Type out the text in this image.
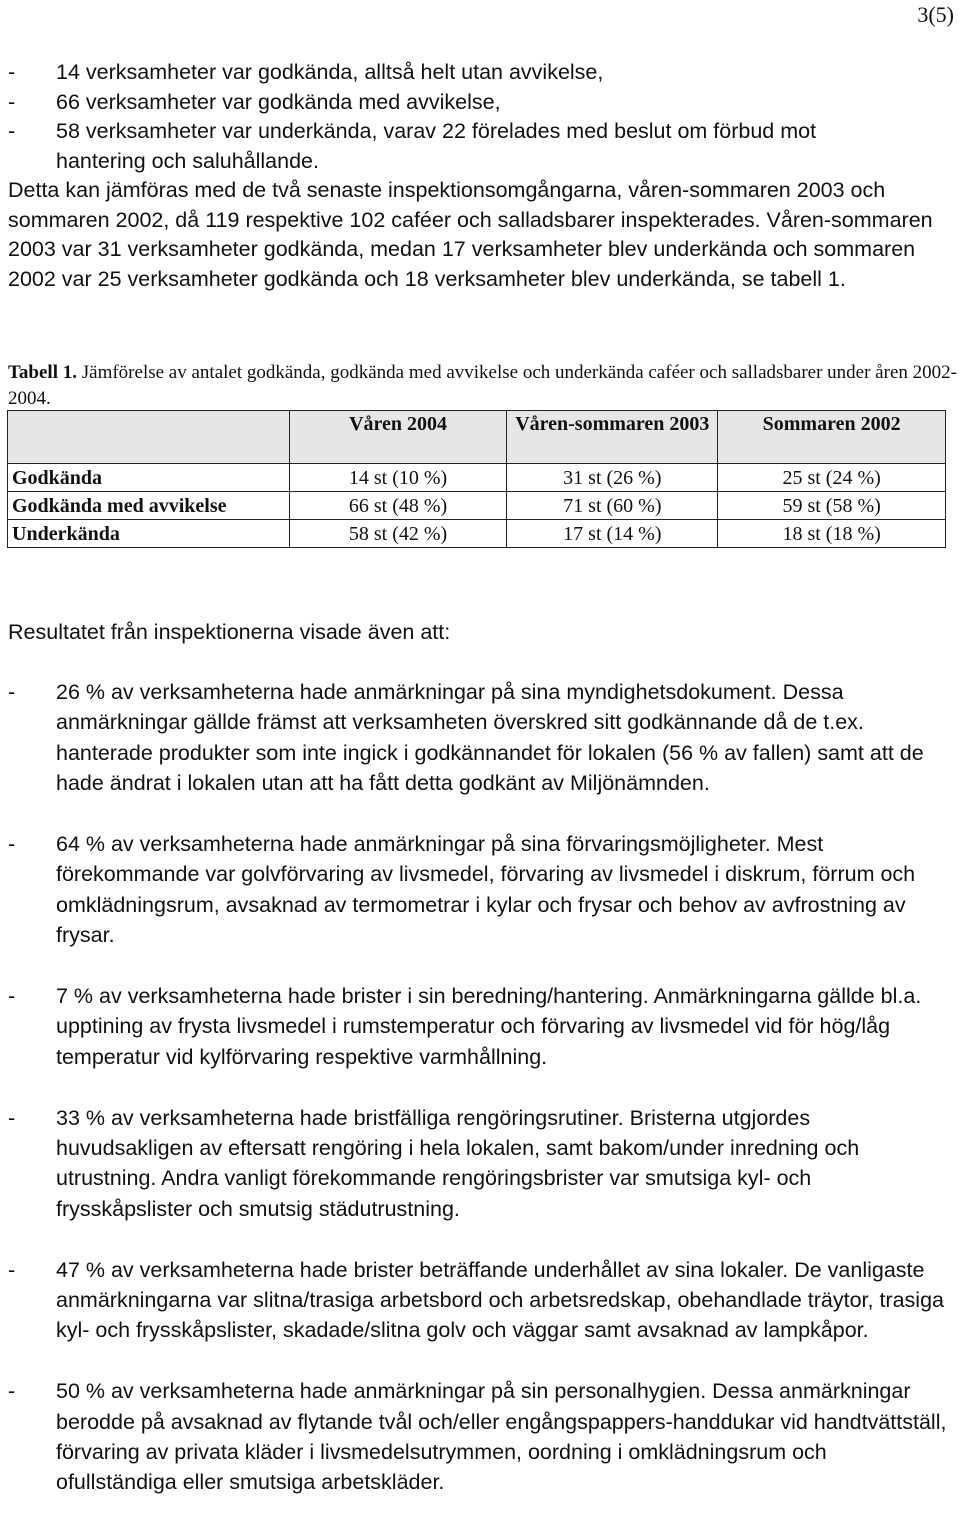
3(5)
-	14 verksamheter var godkända, alltså helt utan avvikelse,
-	66 verksamheter var godkända med avvikelse,
-	58 verksamheter var underkända, varav 22 förelades med beslut om förbud mot hantering och saluhållande.
Detta kan jämföras med de två senaste inspektionsomgångarna, våren-sommaren 2003 och sommaren 2002, då 119 respektive 102 caféer och salladsbarer inspekterades. Våren-sommaren 2003 var 31 verksamheter godkända, medan 17 verksamheter blev underkända och sommaren 2002 var 25 verksamheter godkända och 18 verksamheter blev underkända, se tabell 1.
Tabell 1. Jämförelse av antalet godkända, godkända med avvikelse och underkända caféer och salladsbarer under åren 2002-2004.
	Våren 2004	Våren-sommaren 2003	Sommaren 2002
Godkända	14 st (10 %)	31 st (26 %)	25 st (24 %)
Godkända med avvikelse	66 st (48 %)	71 st (60 %)	59 st (58 %)
Underkända	58 st (42 %)	17 st (14 %)	18 st (18 %)
Resultatet från inspektionerna visade även att:
-	26 % av verksamheterna hade anmärkningar på sina myndighetsdokument. Dessa anmärkningar gällde främst att verksamheten överskred sitt godkännande då de t.ex. hanterade produkter som inte ingick i godkännandet för lokalen (56 % av fallen) samt att de hade ändrat i lokalen utan att ha fått detta godkänt av Miljönämnden.
-	64 % av verksamheterna hade anmärkningar på sina förvaringsmöjligheter. Mest förekommande var golvförvaring av livsmedel, förvaring av livsmedel i diskrum, förrum och omklädningsrum, avsaknad av termometrar i kylar och frysar och behov av avfrostning av frysar.
-	7 % av verksamheterna hade brister i sin beredning/hantering. Anmärkningarna gällde bl.a. upptining av frysta livsmedel i rumstemperatur och förvaring av livsmedel vid för hög/låg temperatur vid kylförvaring respektive varmhållning.
-	33 % av verksamheterna hade bristfälliga rengöringsrutiner. Bristerna utgjordes huvudsakligen av eftersatt rengöring i hela lokalen, samt bakom/under inredning och utrustning. Andra vanligt förekommande rengöringsbrister var smutsiga kyl- och frysskåpslister och smutsig städutrustning.
-	47 % av verksamheterna hade brister beträffande underhållet av sina lokaler. De vanligaste anmärkningarna var slitna/trasiga arbetsbord och arbetsredskap, obehandlade träytor, trasiga kyl- och frysskåpslister, skadade/slitna golv och väggar samt avsaknad av lampkåpor.
-	50 % av verksamheterna hade anmärkningar på sin personalhygien. Dessa anmärkningar berodde på avsaknad av flytande tvål och/eller engångspappers-handdukar vid handtvättställ, förvaring av privata kläder i livsmedelsutrymmen, oordning i omklädningsrum och ofullständiga eller smutsiga arbetskläder.
